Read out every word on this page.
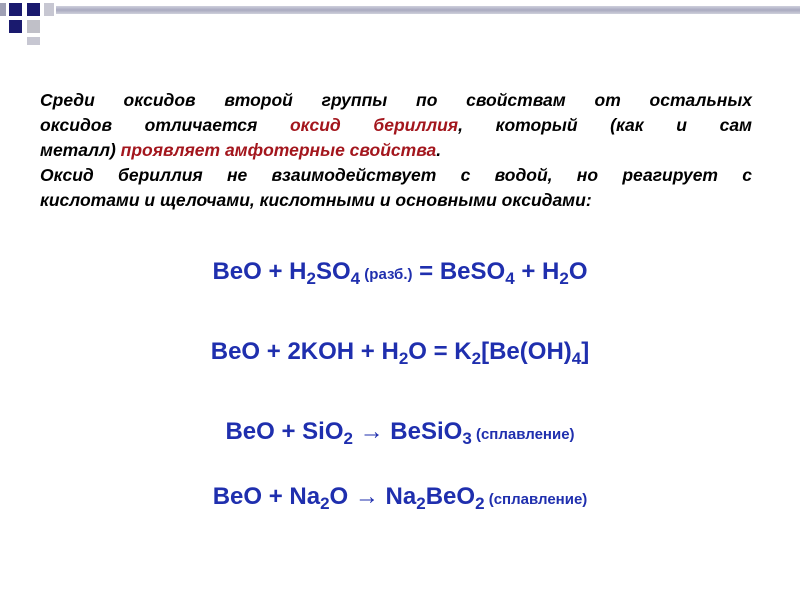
Среди оксидов второй группы по свойствам от остальных
оксидов отличается оксид бериллия, который (как и сам
металл) проявляет амфотерные свойства.
Оксид бериллия не взаимодействует с водой, но реагирует с
кислотами и щелочами, кислотными и основными оксидами:
BeO + $H_2SO_4$ (разб.) = BeSO$_4$ + $H_2O$
BeO + $2KOH + H_2O = K_2[Be(OH)_4]$
BeO + SiO$_2$ → BeSiO$_3$ (сплавление)
BeO + $Na_2O \to Na_2BeO_2$ (сплавление)
